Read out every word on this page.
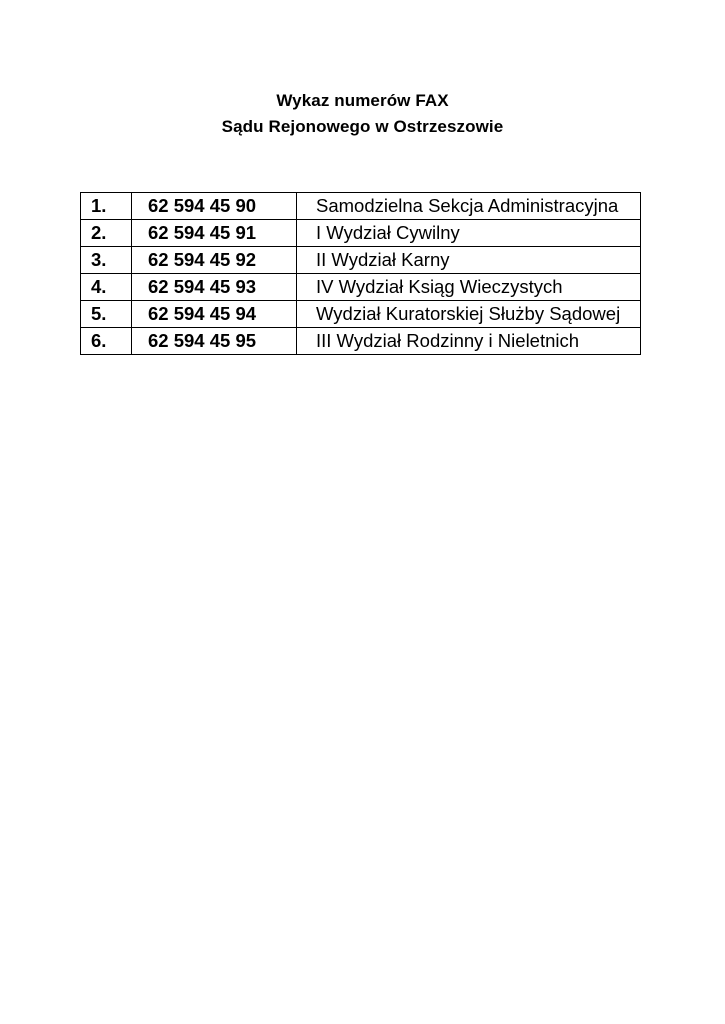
Wykaz numerów FAX
Sądu Rejonowego w Ostrzeszowie
1.	62 594 45 90	Samodzielna Sekcja Administracyjna
2.	62 594 45 91	I Wydział Cywilny
3.	62 594 45 92	II Wydział Karny
4.	62 594 45 93	IV Wydział Ksiąg Wieczystych
5.	62 594 45 94	Wydział Kuratorskiej Służby Sądowej
6.	62 594 45 95	III Wydział Rodzinny i Nieletnich
